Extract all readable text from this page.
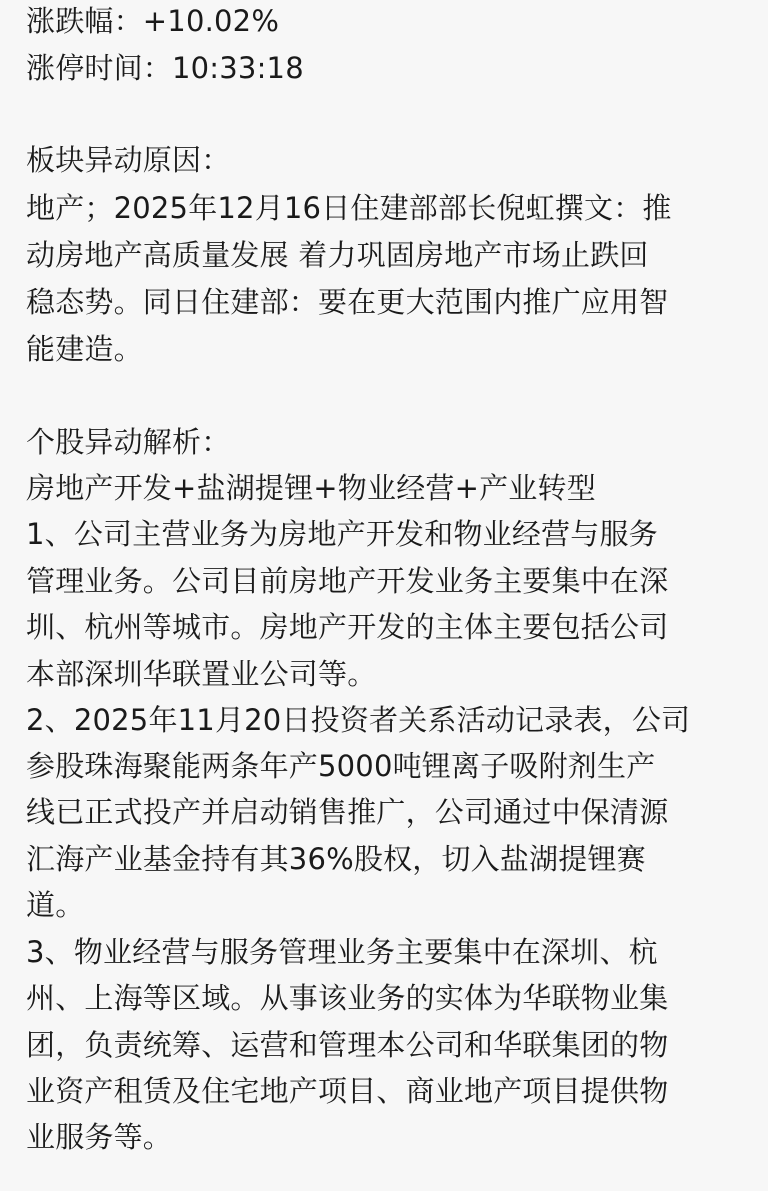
涨跌幅：+10.02%
涨停时间：10:33:18
板块异动原因：
地产；2025年12月16日住建部部长倪虹撰文：推
动房地产高质量发展 着力巩固房地产市场止跌回
稳态势。同日住建部：要在更大范围内推广应用智
能建造。
个股异动解析：
房地产开发+盐湖提锂+物业经营+产业转型
1、公司主营业务为房地产开发和物业经营与服务
管理业务。公司目前房地产开发业务主要集中在深
圳、杭州等城市。房地产开发的主体主要包括公司
本部深圳华联置业公司等。
2、2025年11月20日投资者关系活动记录表，公司
参股珠海聚能两条年产5000吨锂离子吸附剂生产
线已正式投产并启动销售推广，公司通过中保清源
汇海产业基金持有其36%股权，切入盐湖提锂赛
道。
3、物业经营与服务管理业务主要集中在深圳、杭
州、上海等区域。从事该业务的实体为华联物业集
团，负责统筹、运营和管理本公司和华联集团的物
业资产租赁及住宅地产项目、商业地产项目提供物
业服务等。
